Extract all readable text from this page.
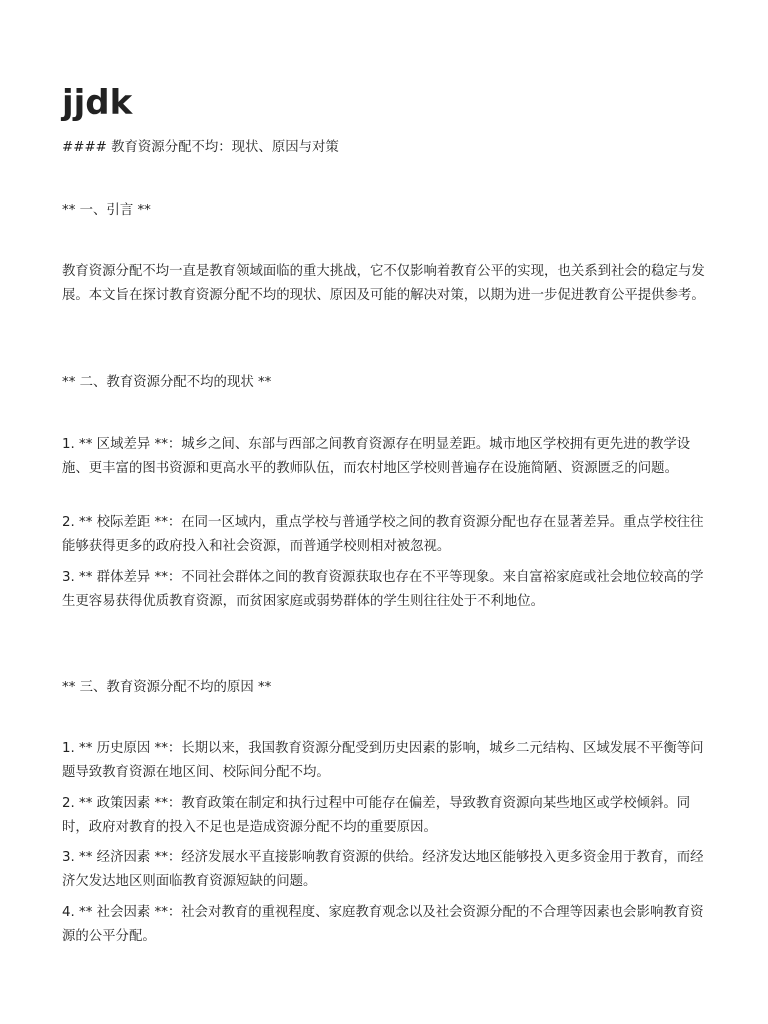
jjdk

#### 教育资源分配不均：现状、原因与对策

** 一、引言 **

教育资源分配不均一直是教育领域面临的重大挑战，它不仅影响着教育公平的实现，也关系到社会的稳定与发展。本文旨在探讨教育资源分配不均的现状、原因及可能的解决对策，以期为进一步促进教育公平提供参考。

** 二、教育资源分配不均的现状 **

1. ** 区域差异 **：城乡之间、东部与西部之间教育资源存在明显差距。城市地区学校拥有更先进的教学设施、更丰富的图书资源和更高水平的教师队伍，而农村地区学校则普遍存在设施简陋、资源匮乏的问题。

2. ** 校际差距 **：在同一区域内，重点学校与普通学校之间的教育资源分配也存在显著差异。重点学校往往能够获得更多的政府投入和社会资源，而普通学校则相对被忽视。

3. ** 群体差异 **：不同社会群体之间的教育资源获取也存在不平等现象。来自富裕家庭或社会地位较高的学生更容易获得优质教育资源，而贫困家庭或弱势群体的学生则往往处于不利地位。

** 三、教育资源分配不均的原因 **

1. ** 历史原因 **：长期以来，我国教育资源分配受到历史因素的影响，城乡二元结构、区域发展不平衡等问题导致教育资源在地区间、校际间分配不均。

2. ** 政策因素 **：教育政策在制定和执行过程中可能存在偏差，导致教育资源向某些地区或学校倾斜。同时，政府对教育的投入不足也是造成资源分配不均的重要原因。

3. ** 经济因素 **：经济发展水平直接影响教育资源的供给。经济发达地区能够投入更多资金用于教育，而经济欠发达地区则面临教育资源短缺的问题。

4. ** 社会因素 **：社会对教育的重视程度、家庭教育观念以及社会资源分配的不合理等因素也会影响教育资源的公平分配。
